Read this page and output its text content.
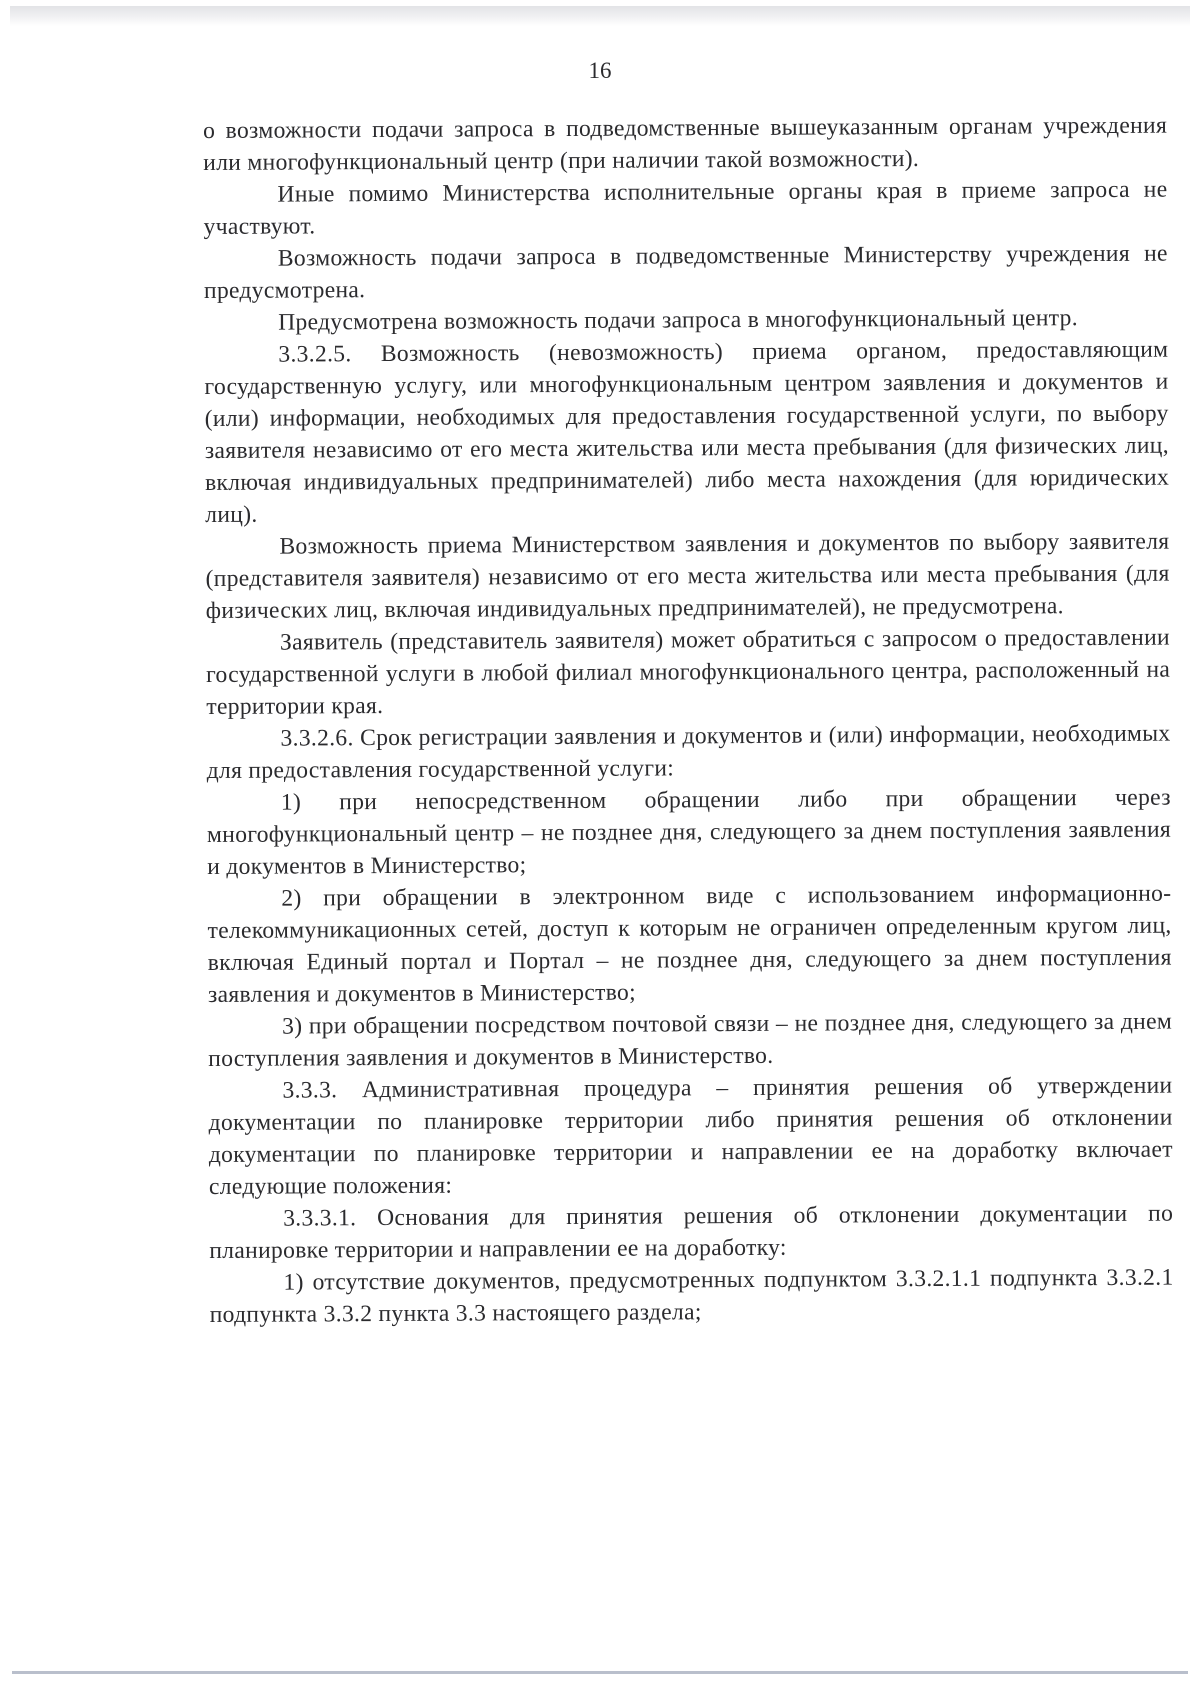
16

о возможности подачи запроса в подведомственные вышеуказанным органам учреждения или многофункциональный центр (при наличии такой возможности).

Иные помимо Министерства исполнительные органы края в приеме запроса не участвуют.

Возможность подачи запроса в подведомственные Министерству учреждения не предусмотрена.

Предусмотрена возможность подачи запроса в многофункциональный центр.

3.3.2.5. Возможность (невозможность) приема органом, предоставляющим государственную услугу, или многофункциональным центром заявления и документов и (или) информации, необходимых для предоставления государственной услуги, по выбору заявителя независимо от его места жительства или места пребывания (для физических лиц, включая индивидуальных предпринимателей) либо места нахождения (для юридических лиц).

Возможность приема Министерством заявления и документов по выбору заявителя (представителя заявителя) независимо от его места жительства или места пребывания (для физических лиц, включая индивидуальных предпринимателей), не предусмотрена.

Заявитель (представитель заявителя) может обратиться с запросом о предоставлении государственной услуги в любой филиал многофункционального центра, расположенный на территории края.

3.3.2.6. Срок регистрации заявления и документов и (или) информации, необходимых для предоставления государственной услуги:

1) при непосредственном обращении либо при обращении через многофункциональный центр – не позднее дня, следующего за днем поступления заявления и документов в Министерство;

2) при обращении в электронном виде с использованием информационно-телекоммуникационных сетей, доступ к которым не ограничен определенным кругом лиц, включая Единый портал и Портал – не позднее дня, следующего за днем поступления заявления и документов в Министерство;

3) при обращении посредством почтовой связи – не позднее дня, следующего за днем поступления заявления и документов в Министерство.

3.3.3. Административная процедура – принятия решения об утверждении документации по планировке территории либо принятия решения об отклонении документации по планировке территории и направлении ее на доработку включает следующие положения:

3.3.3.1. Основания для принятия решения об отклонении документации по планировке территории и направлении ее на доработку:

1) отсутствие документов, предусмотренных подпунктом 3.3.2.1.1 подпункта 3.3.2.1 подпункта 3.3.2 пункта 3.3 настоящего раздела;
